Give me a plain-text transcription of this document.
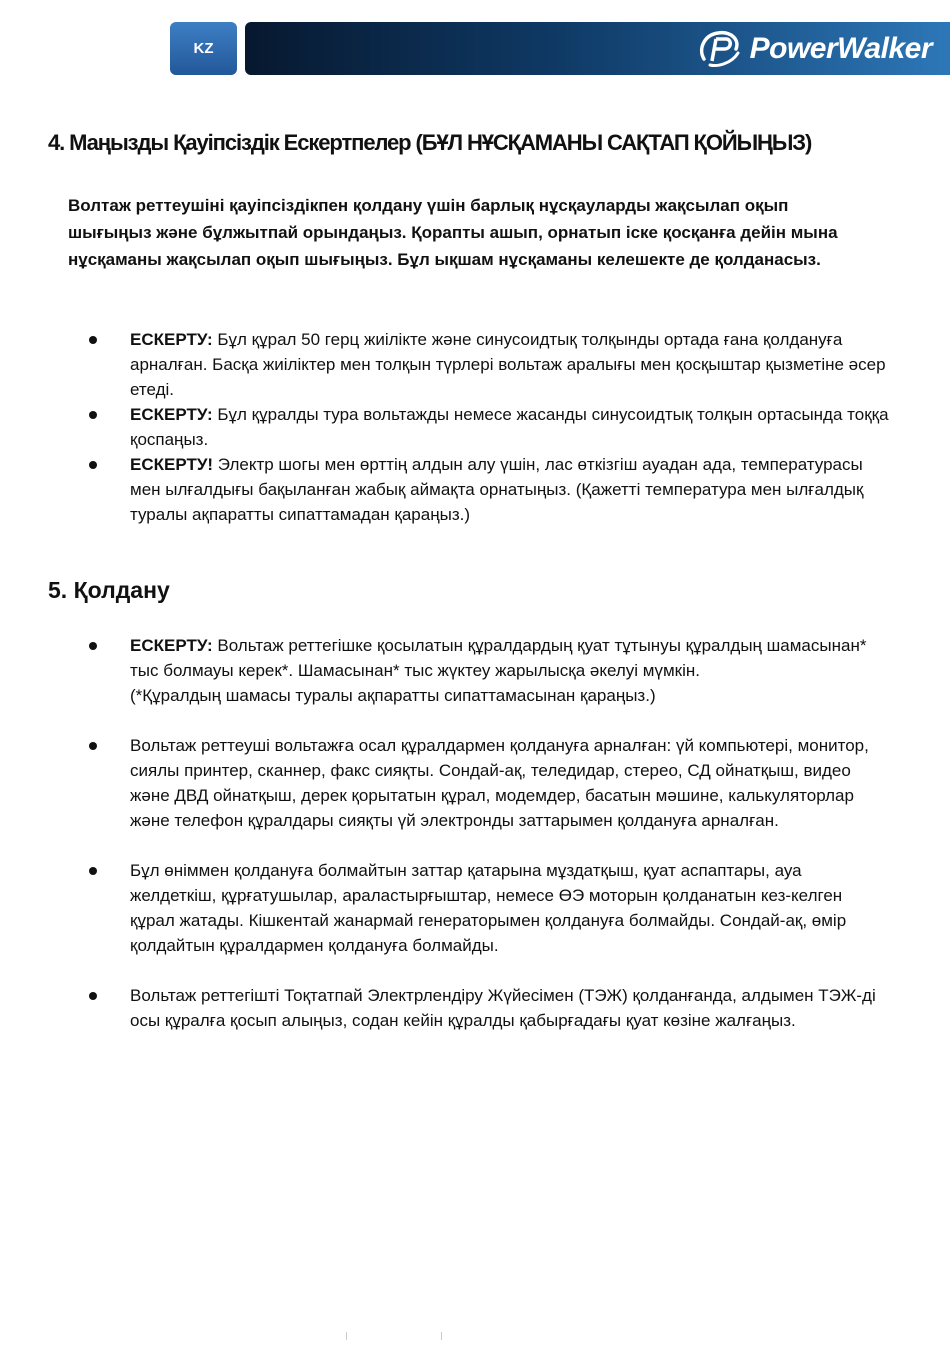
KZ	PowerWalker
4. Маңызды Қауіпсіздік Ескертпелер (БҰЛ НҰСҚАМАНЫ САҚТАП ҚОЙЫҢЫЗ)

Волтаж реттеушіні қауіпсіздікпен қолдану үшін барлық нұсқауларды жақсылап оқып шығыңыз және бұлжытпай орындаңыз. Қорапты ашып, орнатып іске қосқанға дейін мына нұсқаманы жақсылап оқып шығыңыз. Бұл ықшам нұсқаманы келешекте де қолданасыз.

ЕСКЕРТУ: Бұл құрал 50 герц жиілікте және синусоидтық толқынды ортада ғана қолдануға арналған. Басқа жиіліктер мен толқын түрлері вольтаж аралығы мен қосқыштар қызметіне әсер етеді.
ЕСКЕРТУ: Бұл құралды тура вольтажды немесе жасанды синусоидтық толқын ортасында тоққа қоспаңыз.
ЕСКЕРТУ! Электр шогы мен өрттің алдын алу үшін, лас өткізгіш ауадан ада, температурасы мен ылғалдығы бақыланған жабық аймақта орнатыңыз. (Қажетті температура мен ылғалдық туралы ақпаратты сипаттамадан қараңыз.)
5. Қолдану
ЕСКЕРТУ: Вольтаж реттегішке қосылатын құралдардың қуат тұтынуы құралдың шамасынан* тыс болмауы керек*. Шамасынан* тыс жүктеу жарылысқа әкелуі мүмкін.
(*Құралдың шамасы туралы ақпаратты сипаттамасынан қараңыз.)
Вольтаж реттеуші вольтажға осал құралдармен қолдануға арналған: үй компьютері, монитор, сиялы принтер, сканнер, факс сияқты. Сондай-ақ, теледидар, стерео, СД ойнатқыш, видео және ДВД ойнатқыш, дерек қорытатын құрал, модемдер, басатын мәшине, калькуляторлар және телефон құралдары сияқты үй электронды заттарымен қолдануға арналған.
Бұл өніммен қолдануға болмайтын заттар қатарына мұздатқыш, қуат аспаптары, ауа желдеткіш, құрғатушылар, араластырғыштар, немесе ӨЭ моторын қолданатын кез-келген құрал жатады. Кішкентай жанармай генераторымен қолдануға болмайды. Сондай-ақ, өмір қолдайтын құралдармен қолдануға болмайды.
Вольтаж реттегішті Тоқтатпай Электрлендіру Жүйесімен (ТЭЖ) қолданғанда, алдымен ТЭЖ-ді осы құралға қосып алыңыз, содан кейін құралды қабырғадағы қуат көзіне жалғаңыз.
